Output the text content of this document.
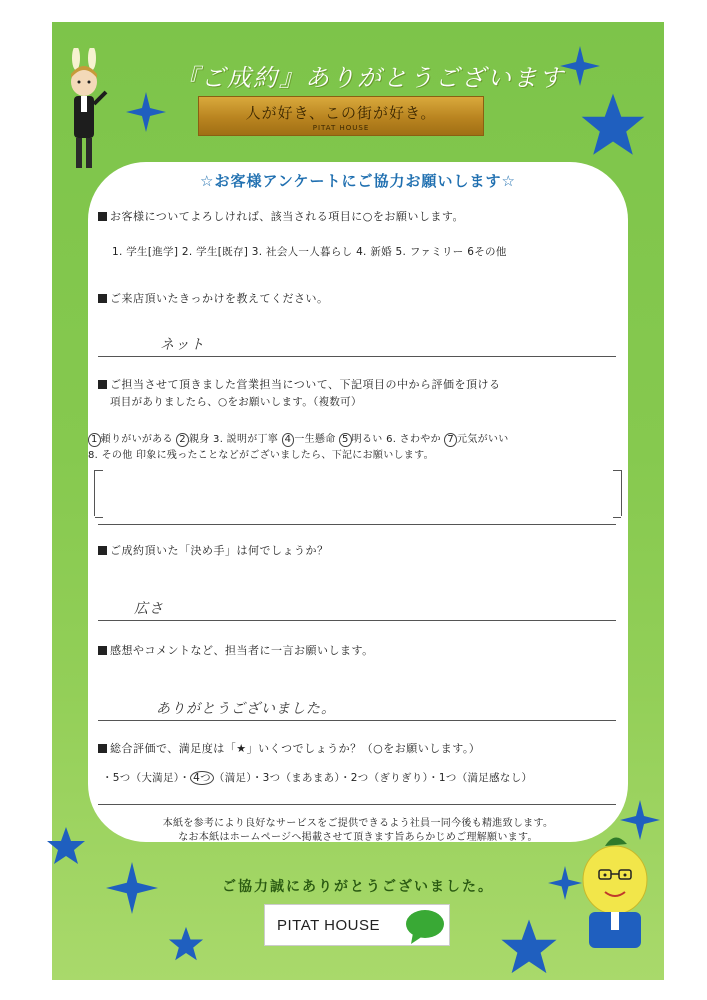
『ご成約』ありがとうございます
人が好き、この街が好き。
PITAT HOUSE
☆お客様アンケートにご協力お願いします☆
お客様についてよろしければ、該当される項目に○をお願いします。
1. 学生[進学] 2. 学生[既存] 3. 社会人一人暮らし 4. 新婚 5. ファミリー 6その他
ご来店頂いたきっかけを教えてください。
ネット
ご担当させて頂きました営業担当について、下記項目の中から評価を頂ける
項目がありましたら、○をお願いします。（複数可）
1 頼りがいがある 2 親身 3. 説明が丁寧 4 一生懸命 5 明るい 6. さわやか 7 元気がいい
8. その他 印象に残ったことなどがございましたら、下記にお願いします。
ご成約頂いた「決め手」は何でしょうか？
広さ
感想やコメントなど、担当者に一言お願いします。
ありがとうございました。
総合評価で、満足度は「★」いくつでしょうか？（○をお願いします。）
・5つ（大満足）・ 4つ （満足）・3つ（まあまあ）・2つ（ぎりぎり）・1つ（満足感なし）
本紙を参考により良好なサービスをご提供できるよう社員一同今後も精進致します。
なお本紙はホームページへ掲載させて頂きます旨あらかじめご理解願います。
ご協力誠にありがとうございました。
PITAT HOUSE
